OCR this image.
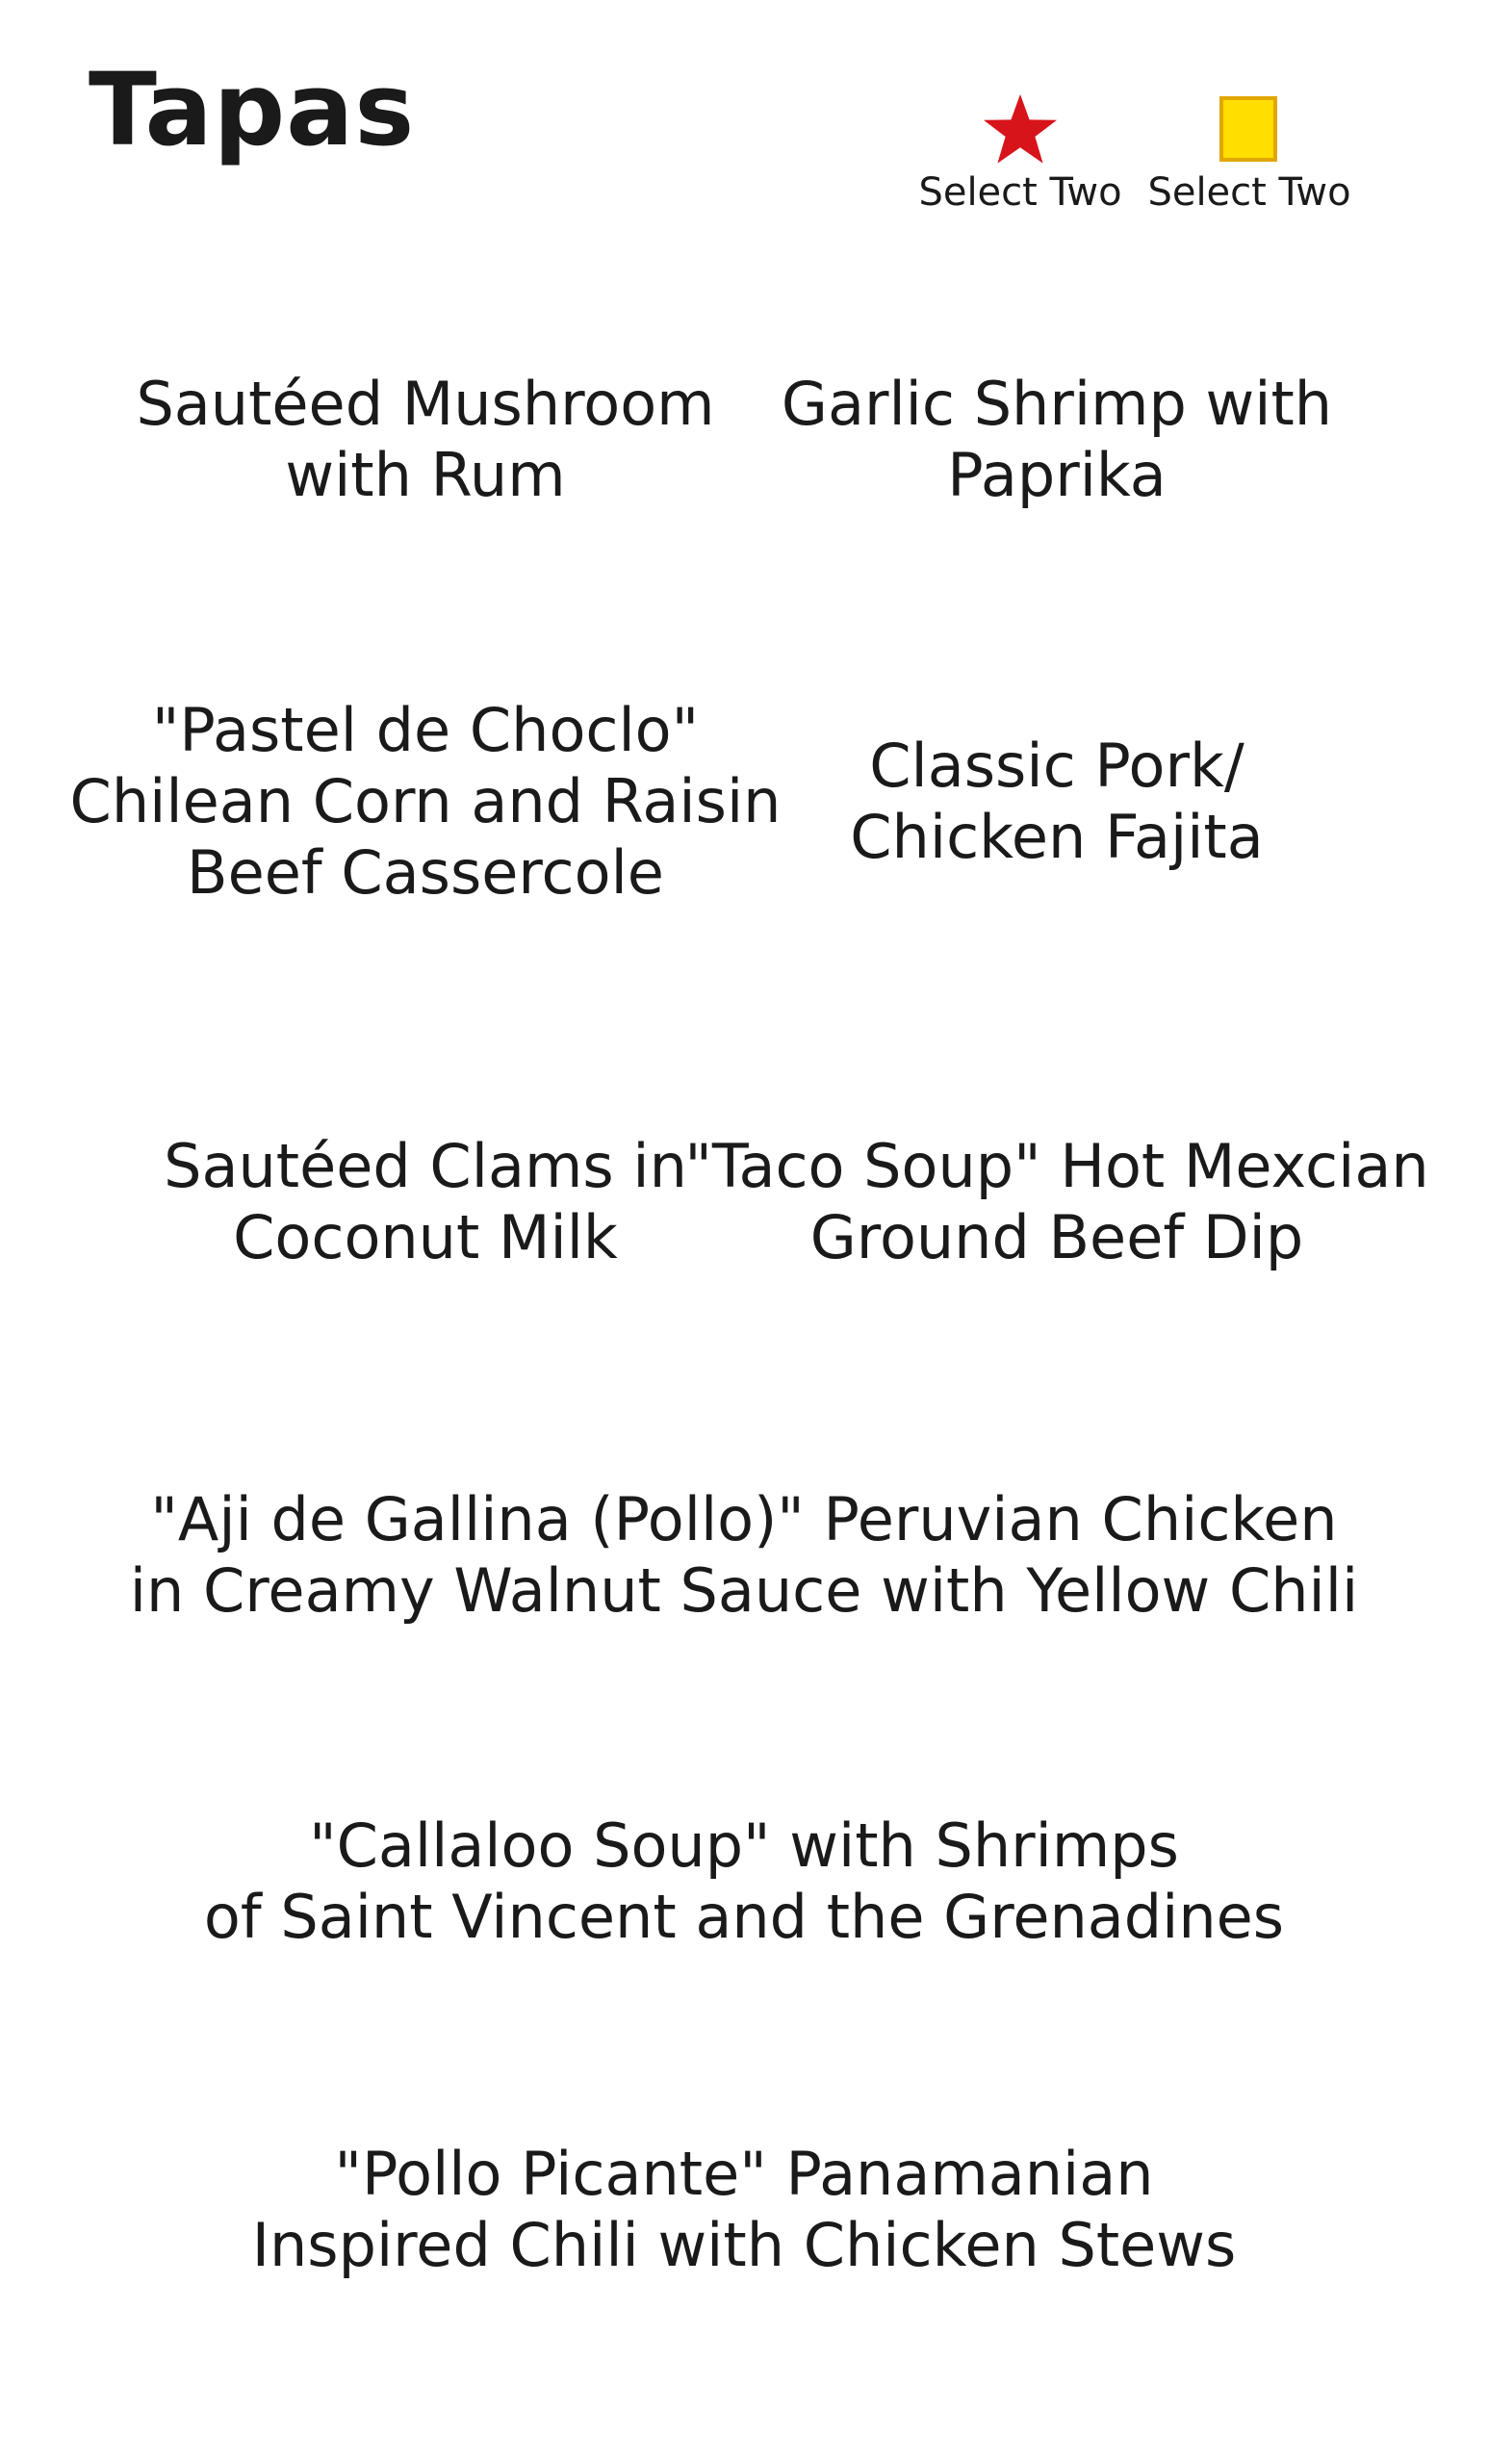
Tapas
Select Two Select Two
Sautéed Mushroom
with Rum
Garlic Shrimp with
Paprika
"Pastel de Choclo"
Chilean Corn and Raisin
Beef Cassercole
Classic Pork/
Chicken Fajita
Sautéed Clams in
Coconut Milk
"Taco Soup" Hot Mexcian
Ground Beef Dip
"Aji de Gallina (Pollo)" Peruvian Chicken
in Creamy Walnut Sauce with Yellow Chili
"Callaloo Soup" with Shrimps
of Saint Vincent and the Grenadines
"Pollo Picante" Panamanian
Inspired Chili with Chicken Stews
